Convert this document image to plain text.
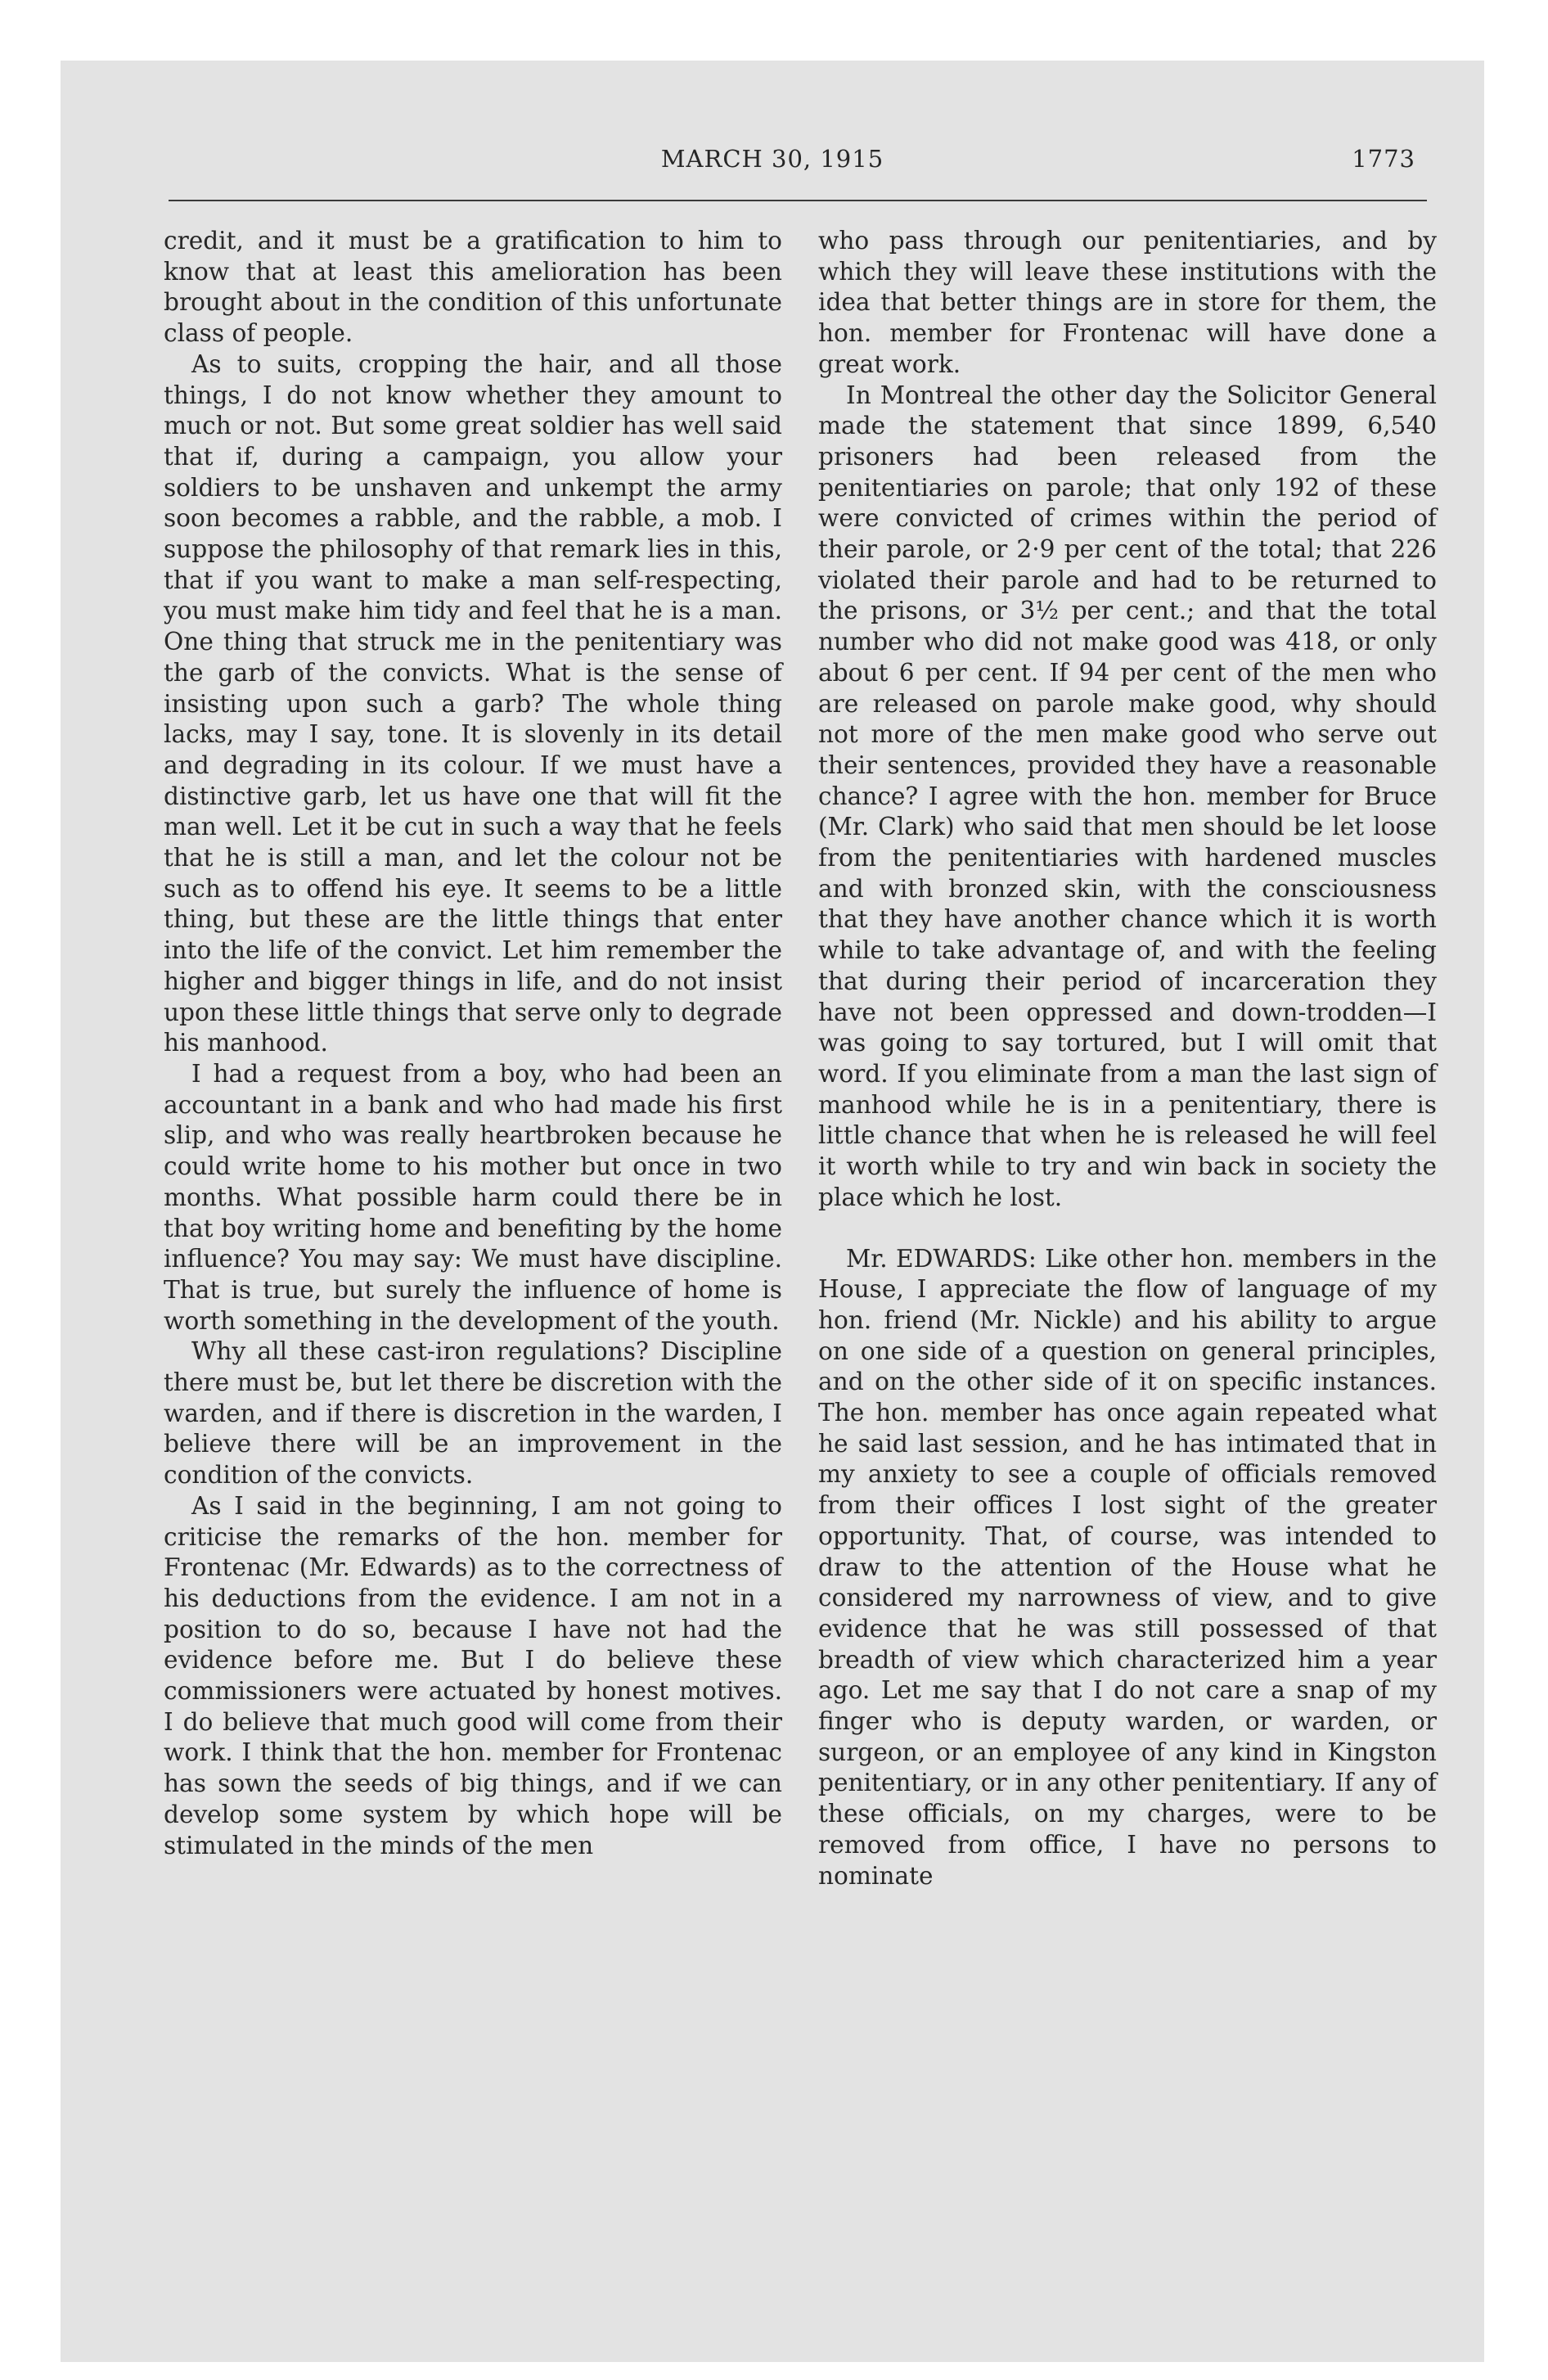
MARCH 30, 1915	1773

credit, and it must be a gratification to him to know that at least this amelioration has been brought about in the condition of this unfortunate class of people.

As to suits, cropping the hair, and all those things, I do not know whether they amount to much or not. But some great soldier has well said that if, during a campaign, you allow your soldiers to be unshaven and unkempt the army soon becomes a rabble, and the rabble, a mob. I suppose the philosophy of that remark lies in this, that if you want to make a man self-respecting, you must make him tidy and feel that he is a man. One thing that struck me in the penitentiary was the garb of the convicts. What is the sense of insisting upon such a garb? The whole thing lacks, may I say, tone. It is slovenly in its detail and degrading in its colour. If we must have a distinctive garb, let us have one that will fit the man well. Let it be cut in such a way that he feels that he is still a man, and let the colour not be such as to offend his eye. It seems to be a little thing, but these are the little things that enter into the life of the convict. Let him remember the higher and bigger things in life, and do not insist upon these little things that serve only to degrade his manhood.

I had a request from a boy, who had been an accountant in a bank and who had made his first slip, and who was really heartbroken because he could write home to his mother but once in two months. What possible harm could there be in that boy writing home and benefiting by the home influence? You may say: We must have discipline. That is true, but surely the influence of home is worth something in the development of the youth.

Why all these cast-iron regulations? Discipline there must be, but let there be discretion with the warden, and if there is discretion in the warden, I believe there will be an improvement in the condition of the convicts.

As I said in the beginning, I am not going to criticise the remarks of the hon. member for Frontenac (Mr. Edwards) as to the correctness of his deductions from the evidence. I am not in a position to do so, because I have not had the evidence before me. But I do believe these commissioners were actuated by honest motives. I do believe that much good will come from their work. I think that the hon. member for Frontenac has sown the seeds of big things, and if we can develop some system by which hope will be stimulated in the minds of the men

who pass through our penitentiaries, and by which they will leave these institutions with the idea that better things are in store for them, the hon. member for Frontenac will have done a great work.

In Montreal the other day the Solicitor General made the statement that since 1899, 6,540 prisoners had been released from the penitentiaries on parole; that only 192 of these were convicted of crimes within the period of their parole, or 2·9 per cent of the total; that 226 violated their parole and had to be returned to the prisons, or 3½ per cent.; and that the total number who did not make good was 418, or only about 6 per cent. If 94 per cent of the men who are released on parole make good, why should not more of the men make good who serve out their sentences, provided they have a reasonable chance? I agree with the hon. member for Bruce (Mr. Clark) who said that men should be let loose from the penitentiaries with hardened muscles and with bronzed skin, with the consciousness that they have another chance which it is worth while to take advantage of, and with the feeling that during their period of incarceration they have not been oppressed and down-trodden—I was going to say tortured, but I will omit that word. If you eliminate from a man the last sign of manhood while he is in a penitentiary, there is little chance that when he is released he will feel it worth while to try and win back in society the place which he lost.

Mr. EDWARDS: Like other hon. members in the House, I appreciate the flow of language of my hon. friend (Mr. Nickle) and his ability to argue on one side of a question on general principles, and on the other side of it on specific instances. The hon. member has once again repeated what he said last session, and he has intimated that in my anxiety to see a couple of officials removed from their offices I lost sight of the greater opportunity. That, of course, was intended to draw to the attention of the House what he considered my narrowness of view, and to give evidence that he was still possessed of that breadth of view which characterized him a year ago. Let me say that I do not care a snap of my finger who is deputy warden, or warden, or surgeon, or an employee of any kind in Kingston penitentiary, or in any other penitentiary. If any of these officials, on my charges, were to be removed from office, I have no persons to nominate
